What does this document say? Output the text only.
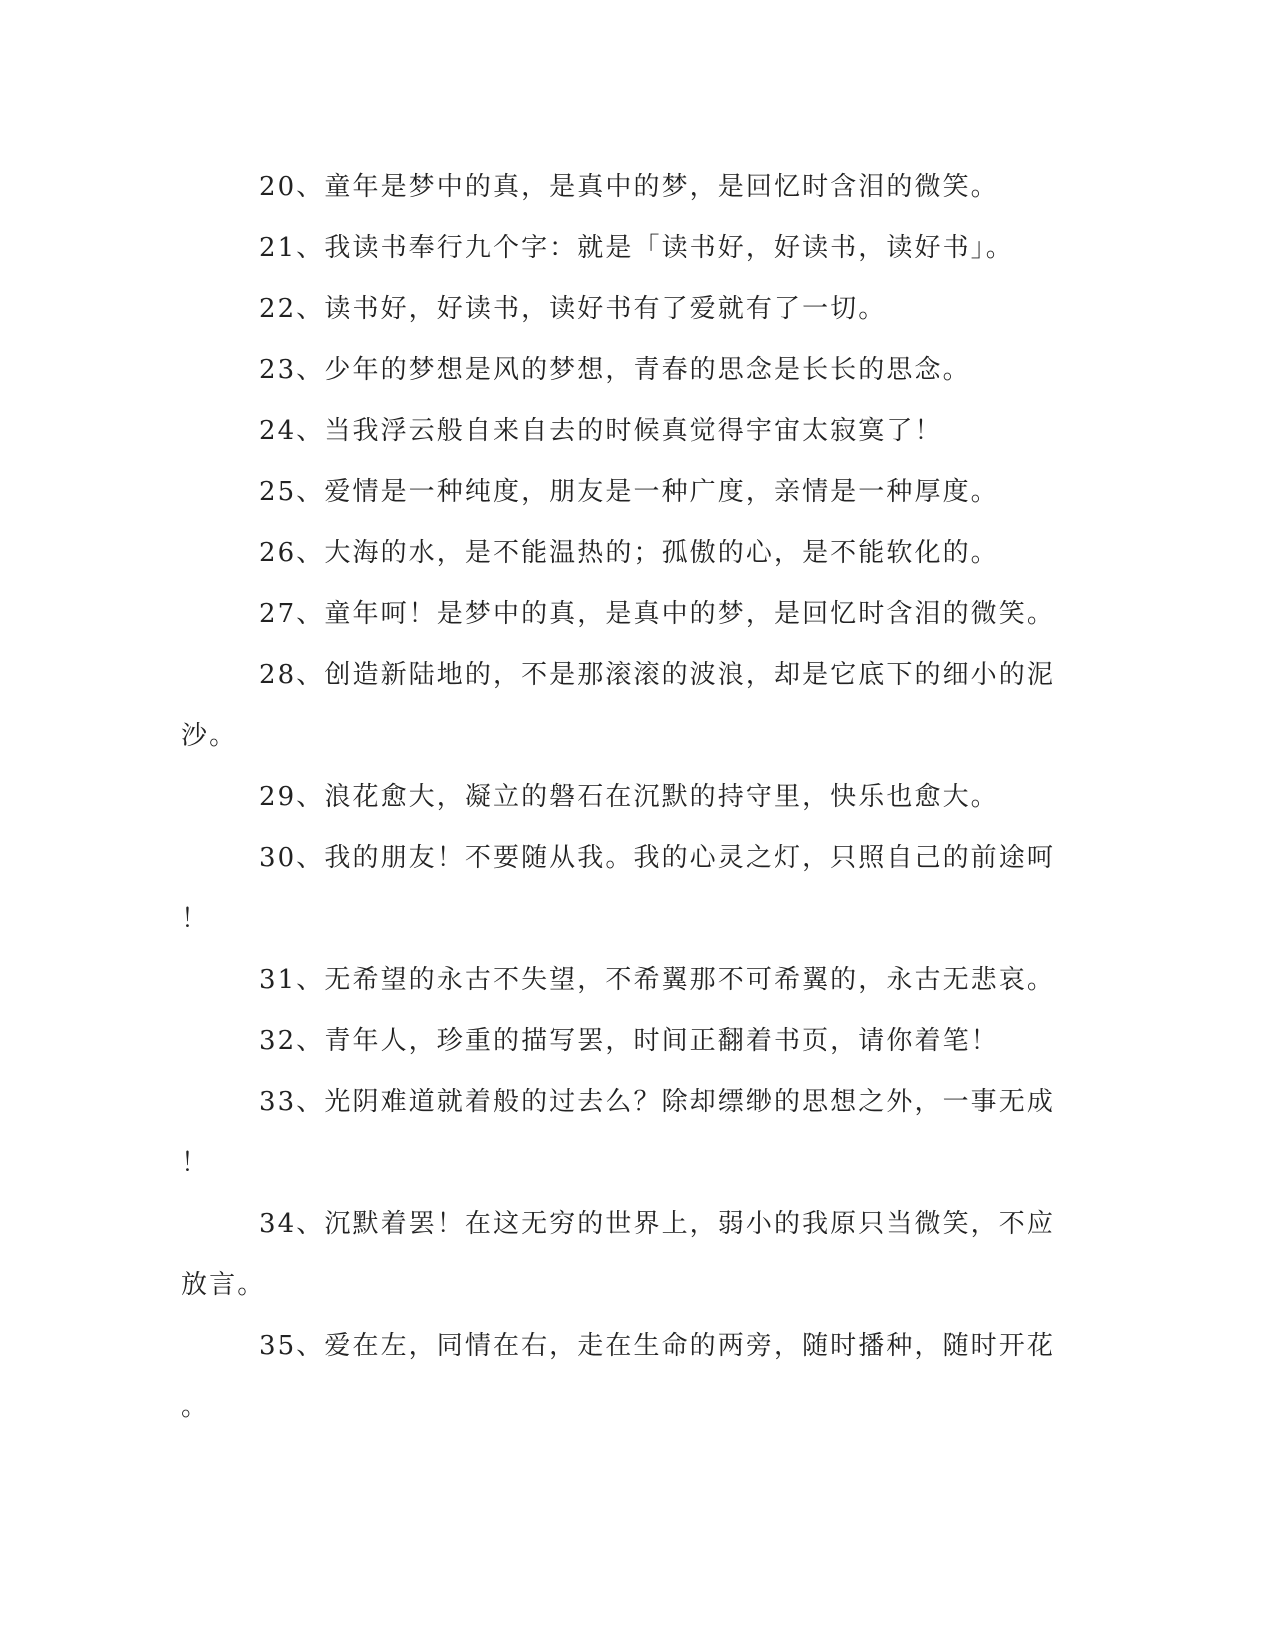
20、童年是梦中的真，是真中的梦，是回忆时含泪的微笑。

21、我读书奉行九个字：就是「读书好，好读书，读好书」。

22、读书好，好读书，读好书有了爱就有了一切。

23、少年的梦想是风的梦想，青春的思念是长长的思念。

24、当我浮云般自来自去的时候真觉得宇宙太寂寞了！

25、爱情是一种纯度，朋友是一种广度，亲情是一种厚度。

26、大海的水，是不能温热的；孤傲的心，是不能软化的。

27、童年呵！是梦中的真，是真中的梦，是回忆时含泪的微笑。

28、创造新陆地的，不是那滚滚的波浪，却是它底下的细小的泥

沙。

29、浪花愈大，凝立的磐石在沉默的持守里，快乐也愈大。

30、我的朋友！不要随从我。我的心灵之灯，只照自己的前途呵

！

31、无希望的永古不失望，不希翼那不可希翼的，永古无悲哀。

32、青年人，珍重的描写罢，时间正翻着书页，请你着笔！

33、光阴难道就着般的过去么？除却缥缈的思想之外，一事无成

！

34、沉默着罢！在这无穷的世界上，弱小的我原只当微笑，不应

放言。

35、爱在左，同情在右，走在生命的两旁，随时播种，随时开花

。
